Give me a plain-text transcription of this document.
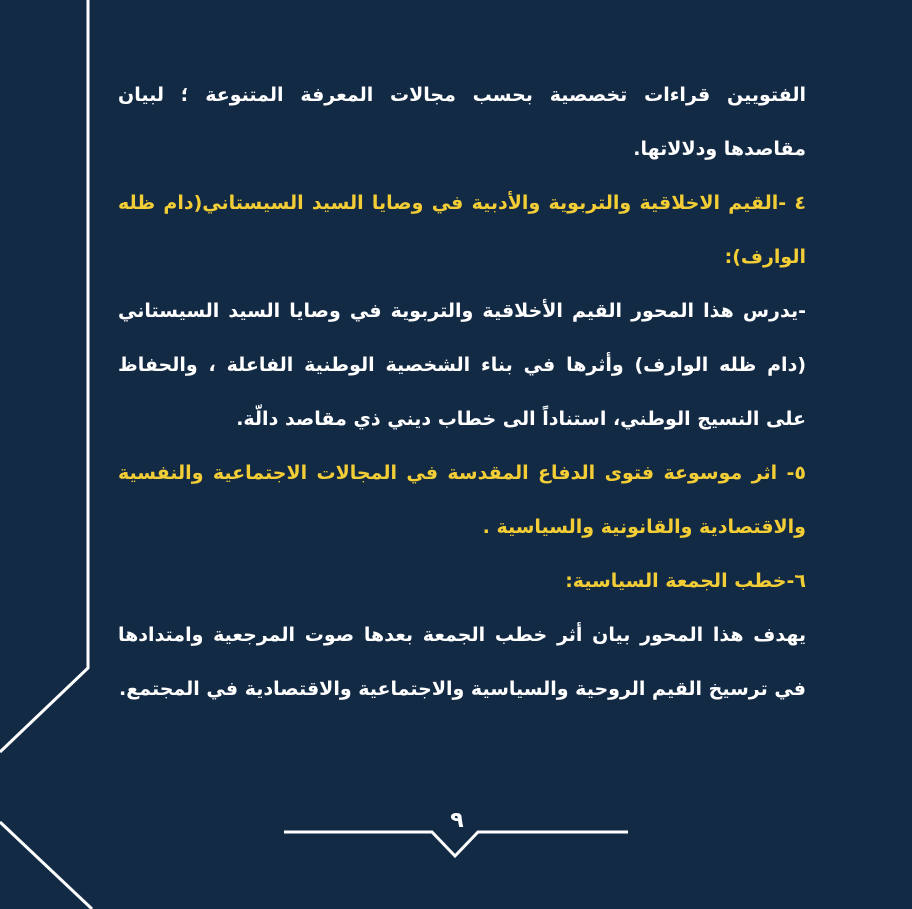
الفتويين قراءات تخصصية بحسب مجالات المعرفة المتنوعة ؛ لبيان مقاصدها ودلالاتها.

٤ -القيم الاخلاقية والتربوية والأدبية في وصايا السيد السيستاني(دام ظله الوارف):

-يدرس هذا المحور القيم الأخلاقية والتربوية في وصايا السيد السيستاني (دام ظله الوارف) وأثرها في بناء الشخصية الوطنية الفاعلة ، والحفاظ على النسيج الوطني، استناداً الى خطاب ديني ذي مقاصد دالّة.

٥- اثر موسوعة فتوى الدفاع المقدسة في المجالات الاجتماعية والنفسية والاقتصادية والقانونية والسياسية .

٦-خطب الجمعة السياسية:

يهدف هذا المحور بيان أثر خطب الجمعة بعدها صوت المرجعية وامتدادها في ترسيخ القيم الروحية والسياسية والاجتماعية والاقتصادية في المجتمع.

٩
